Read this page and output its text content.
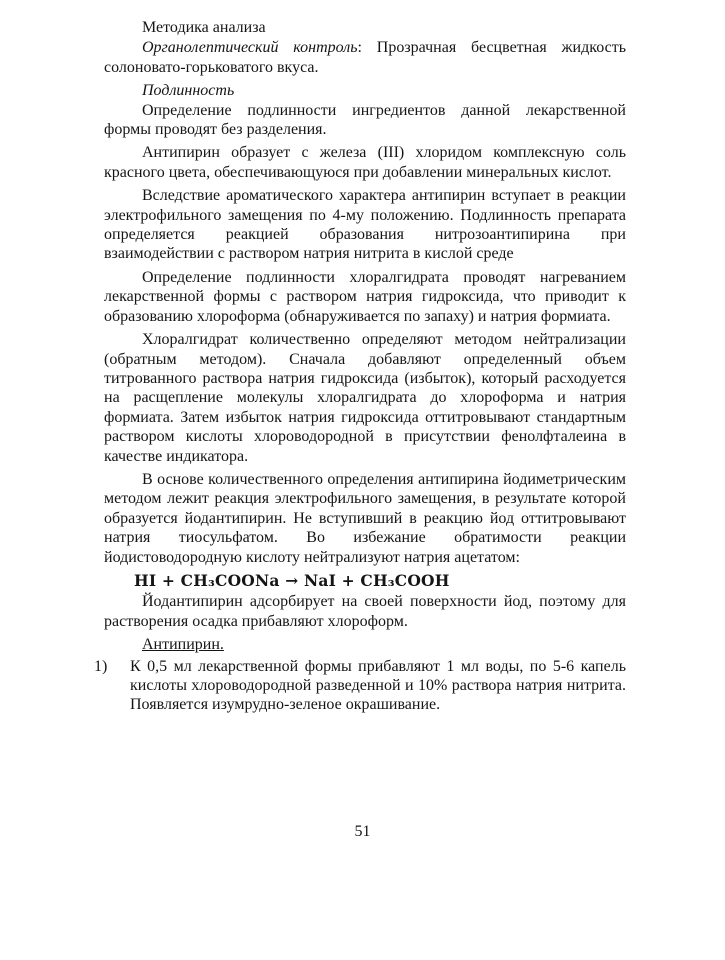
Методика анализа

Органолептический контроль: Прозрачная бесцветная жидкость солоновато-горьковатого вкуса.

Подлинность

Определение подлинности ингредиентов данной лекарственной формы проводят без разделения.

Антипирин образует с железа (III) хлоридом комплексную соль красного цвета, обеспечивающуюся при добавлении минеральных кислот.

Вследствие ароматического характера антипирин вступает в реакции электрофильного замещения по 4-му положению. Подлинность препарата определяется реакцией образования нитрозоантипирина при взаимодействии с раствором натрия нитрита в кислой среде

Определение подлинности хлоралгидрата проводят нагреванием лекарственной формы с раствором натрия гидроксида, что приводит к образованию хлороформа (обнаруживается по запаху) и натрия формиата.

Хлоралгидрат количественно определяют методом нейтрализации (обратным методом). Сначала добавляют определенный объем титрованного раствора натрия гидроксида (избыток), который расходуется на расщепление молекулы хлоралгидрата до хлороформа и натрия формиата. Затем избыток натрия гидроксида оттитровывают стандартным раствором кислоты хлороводородной в присутствии фенолфталеина в качестве индикатора.

В основе количественного определения антипирина йодиметрическим методом лежит реакция электрофильного замещения, в результате которой образуется йодантипирин. Не вступивший в реакцию йод оттитровывают натрия тиосульфатом. Во избежание обратимости реакции йодистоводородную кислоту нейтрализуют натрия ацетатом:

HI + CH₃COONa → NaI + CH₃COOH

Йодантипирин адсорбирует на своей поверхности йод, поэтому для растворения осадка прибавляют хлороформ.

Антипирин.

1) К 0,5 мл лекарственной формы прибавляют 1 мл воды, по 5-6 капель кислоты хлороводородной разведенной и 10% раствора натрия нитрита. Появляется изумрудно-зеленое окрашивание.
51
